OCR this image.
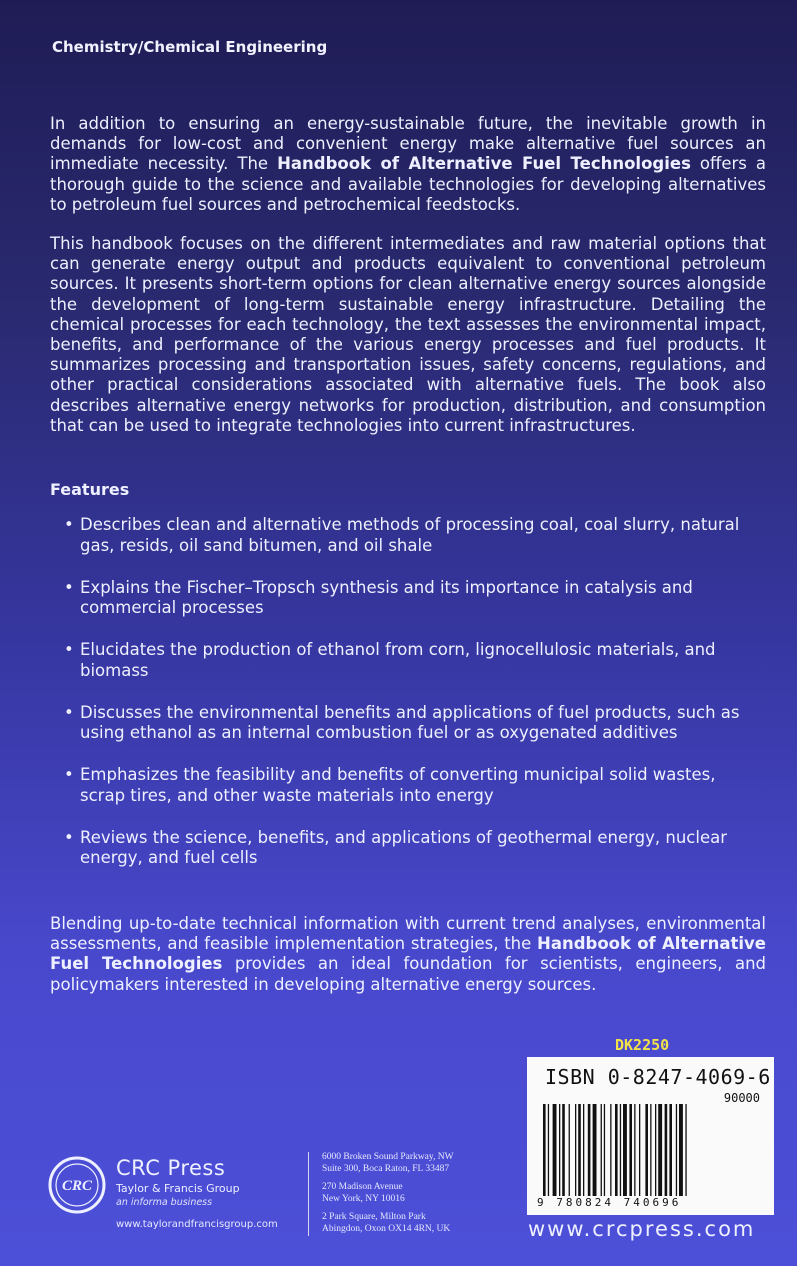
Chemistry/Chemical Engineering

In addition to ensuring an energy-sustainable future, the inevitable growth in demands for low-cost and convenient energy make alternative fuel sources an immediate necessity. The Handbook of Alternative Fuel Technologies offers a thorough guide to the science and available technologies for developing alternatives to petroleum fuel sources and petrochemical feedstocks.

This handbook focuses on the different intermediates and raw material options that can generate energy output and products equivalent to conventional petroleum sources. It presents short-term options for clean alternative energy sources alongside the development of long-term sustainable energy infrastructure. Detailing the chemical processes for each technology, the text assesses the environmental impact, benefits, and performance of the various energy processes and fuel products. It summarizes processing and transportation issues, safety concerns, regulations, and other practical considerations associated with alternative fuels. The book also describes alternative energy networks for production, distribution, and consumption that can be used to integrate technologies into current infrastructures.

Features
• Describes clean and alternative methods of processing coal, coal slurry, natural gas, resids, oil sand bitumen, and oil shale
• Explains the Fischer–Tropsch synthesis and its importance in catalysis and commercial processes
• Elucidates the production of ethanol from corn, lignocellulosic materials, and biomass
• Discusses the environmental benefits and applications of fuel products, such as using ethanol as an internal combustion fuel or as oxygenated additives
• Emphasizes the feasibility and benefits of converting municipal solid wastes, scrap tires, and other waste materials into energy
• Reviews the science, benefits, and applications of geothermal energy, nuclear energy, and fuel cells

Blending up-to-date technical information with current trend analyses, environmental assessments, and feasible implementation strategies, the Handbook of Alternative Fuel Technologies provides an ideal foundation for scientists, engineers, and policymakers interested in developing alternative energy sources.

DK2250
ISBN 0-8247-4069-6
90000
9 780824 740696
www.crcpress.com
CRC
CRC Press
Taylor & Francis Group
an informa business
www.taylorandfrancisgroup.com
6000 Broken Sound Parkway, NW
Suite 300, Boca Raton, FL 33487
270 Madison Avenue
New York, NY 10016
2 Park Square, Milton Park
Abingdon, Oxon OX14 4RN, UK
